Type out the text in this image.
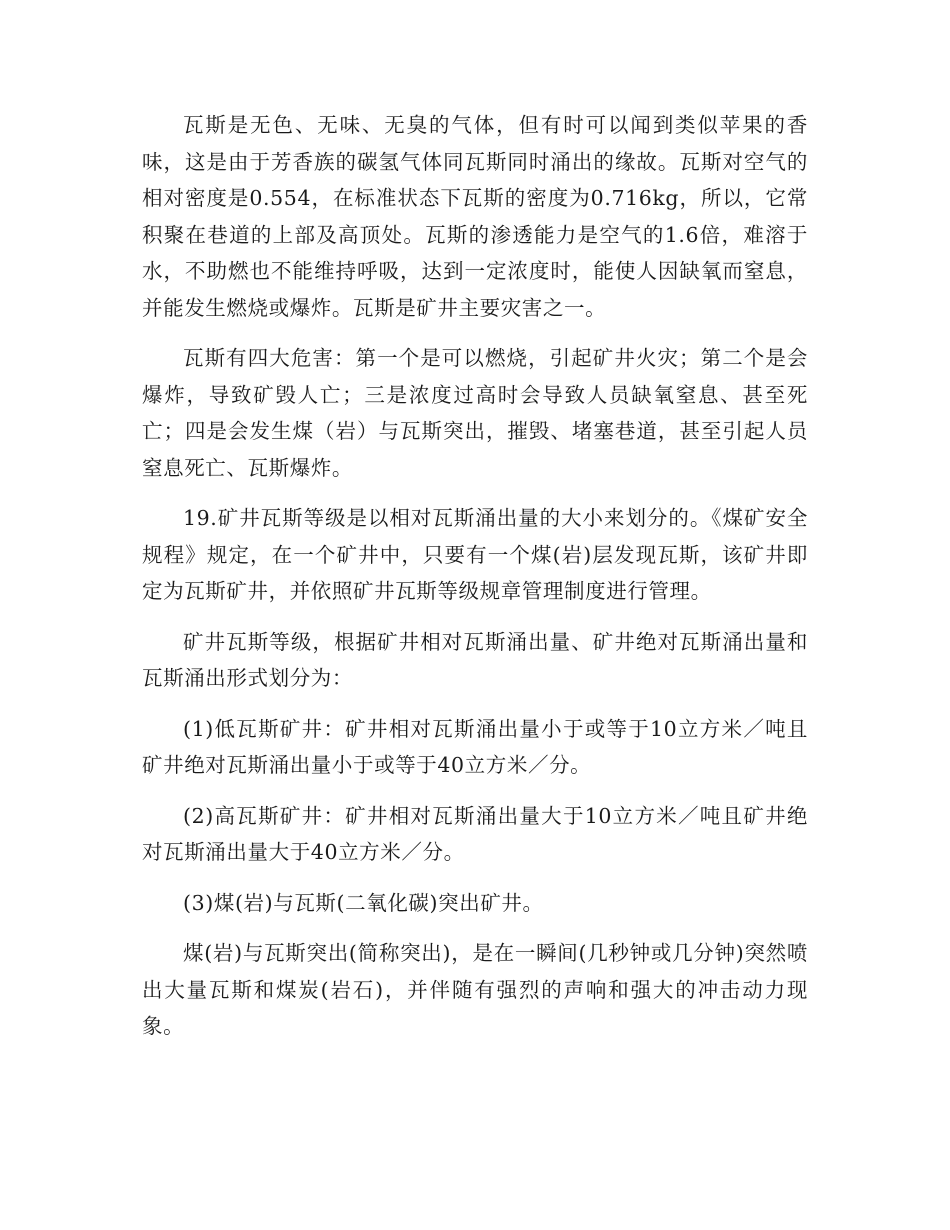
瓦斯是无色、无味、无臭的气体，但有时可以闻到类似苹果的香味，这是由于芳香族的碳氢气体同瓦斯同时涌出的缘故。瓦斯对空气的相对密度是0.554，在标准状态下瓦斯的密度为0.716kg，所以，它常积聚在巷道的上部及高顶处。瓦斯的渗透能力是空气的1.6倍，难溶于水，不助燃也不能维持呼吸，达到一定浓度时，能使人因缺氧而窒息，并能发生燃烧或爆炸。瓦斯是矿井主要灾害之一。

瓦斯有四大危害：第一个是可以燃烧，引起矿井火灾；第二个是会爆炸，导致矿毁人亡；三是浓度过高时会导致人员缺氧窒息、甚至死亡；四是会发生煤（岩）与瓦斯突出，摧毁、堵塞巷道，甚至引起人员窒息死亡、瓦斯爆炸。

19.矿井瓦斯等级是以相对瓦斯涌出量的大小来划分的。《煤矿安全规程》规定，在一个矿井中，只要有一个煤(岩)层发现瓦斯，该矿井即定为瓦斯矿井，并依照矿井瓦斯等级规章管理制度进行管理。

矿井瓦斯等级，根据矿井相对瓦斯涌出量、矿井绝对瓦斯涌出量和瓦斯涌出形式划分为：

(1)低瓦斯矿井：矿井相对瓦斯涌出量小于或等于10立方米／吨且矿井绝对瓦斯涌出量小于或等于40立方米／分。

(2)高瓦斯矿井：矿井相对瓦斯涌出量大于10立方米／吨且矿井绝对瓦斯涌出量大于40立方米／分。

(3)煤(岩)与瓦斯(二氧化碳)突出矿井。

煤(岩)与瓦斯突出(简称突出)，是在一瞬间(几秒钟或几分钟)突然喷出大量瓦斯和煤炭(岩石)，并伴随有强烈的声响和强大的冲击动力现象。
